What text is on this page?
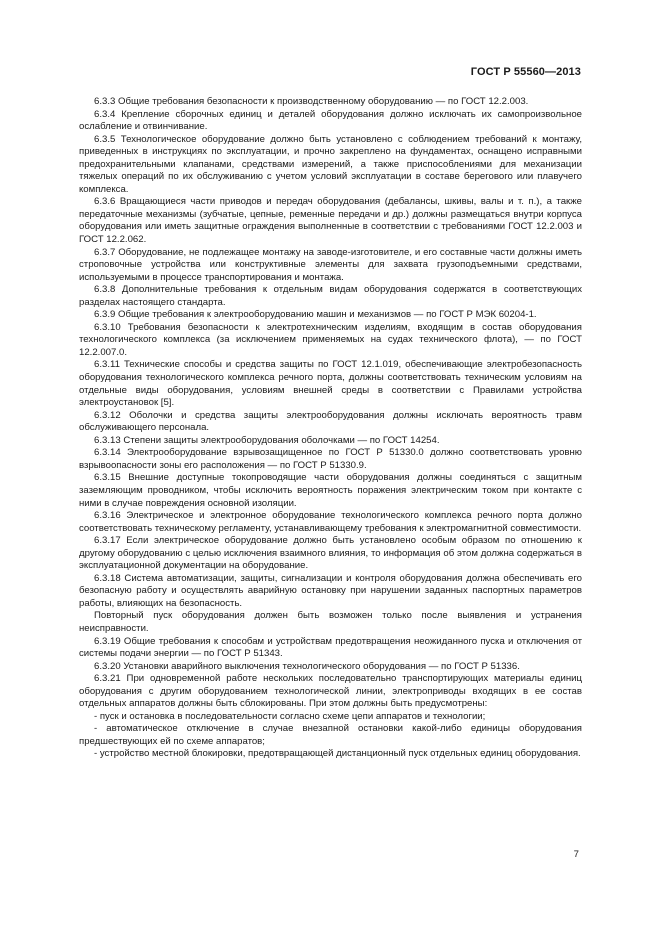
ГОСТ Р 55560—2013

6.3.3 Общие требования безопасности к производственному оборудованию — по ГОСТ 12.2.003.

6.3.4 Крепление сборочных единиц и деталей оборудования должно исключать их самопроизвольное ослабление и отвинчивание.

6.3.5 Технологическое оборудование должно быть установлено с соблюдением требований к монтажу, приведенных в инструкциях по эксплуатации, и прочно закреплено на фундаментах, оснащено исправными предохранительными клапанами, средствами измерений, а также приспособлениями для механизации тяжелых операций по их обслуживанию с учетом условий эксплуатации в составе берегового или плавучего комплекса.

6.3.6 Вращающиеся части приводов и передач оборудования (дебалансы, шкивы, валы и т. п.), а также передаточные механизмы (зубчатые, цепные, ременные передачи и др.) должны размещаться внутри корпуса оборудования или иметь защитные ограждения выполненные в соответствии с требованиями ГОСТ 12.2.003 и ГОСТ 12.2.062.

6.3.7 Оборудование, не подлежащее монтажу на заводе-изготовителе, и его составные части должны иметь строповочные устройства или конструктивные элементы для захвата грузоподъемными средствами, используемыми в процессе транспортирования и монтажа.

6.3.8 Дополнительные требования к отдельным видам оборудования содержатся в соответствующих разделах настоящего стандарта.

6.3.9 Общие требования к электрооборудованию машин и механизмов — по ГОСТ Р МЭК 60204-1.

6.3.10 Требования безопасности к электротехническим изделиям, входящим в состав оборудования технологического комплекса (за исключением применяемых на судах технического флота), — по ГОСТ 12.2.007.0.

6.3.11 Технические способы и средства защиты по ГОСТ 12.1.019, обеспечивающие электробезопасность оборудования технологического комплекса речного порта, должны соответствовать техническим условиям на отдельные виды оборудования, условиям внешней среды в соответствии с Правилами устройства электроустановок [5].

6.3.12 Оболочки и средства защиты электрооборудования должны исключать вероятность травм обслуживающего персонала.

6.3.13 Степени защиты электрооборудования оболочками — по ГОСТ 14254.

6.3.14 Электрооборудование взрывозащищенное по ГОСТ Р 51330.0 должно соответствовать уровню взрывоопасности зоны его расположения — по ГОСТ Р 51330.9.

6.3.15 Внешние доступные токопроводящие части оборудования должны соединяться с защитным заземляющим проводником, чтобы исключить вероятность поражения электрическим током при контакте с ними в случае повреждения основной изоляции.

6.3.16 Электрическое и электронное оборудование технологического комплекса речного порта должно соответствовать техническому регламенту, устанавливающему требования к электромагнитной совместимости.

6.3.17 Если электрическое оборудование должно быть установлено особым образом по отношению к другому оборудованию с целью исключения взаимного влияния, то информация об этом должна содержаться в эксплуатационной документации на оборудование.

6.3.18 Система автоматизации, защиты, сигнализации и контроля оборудования должна обеспечивать его безопасную работу и осуществлять аварийную остановку при нарушении заданных паспортных параметров работы, влияющих на безопасность.

Повторный пуск оборудования должен быть возможен только после выявления и устранения неисправности.

6.3.19 Общие требования к способам и устройствам предотвращения неожиданного пуска и отключения от системы подачи энергии — по ГОСТ Р 51343.

6.3.20 Установки аварийного выключения технологического оборудования — по ГОСТ Р 51336.

6.3.21 При одновременной работе нескольких последовательно транспортирующих материалы единиц оборудования с другим оборудованием технологической линии, электроприводы входящих в ее состав отдельных аппаратов должны быть сблокированы. При этом должны быть предусмотрены:

- пуск и остановка в последовательности согласно схеме цепи аппаратов и технологии;

- автоматическое отключение в случае внезапной остановки какой-либо единицы оборудования предшествующих ей по схеме аппаратов;

- устройство местной блокировки, предотвращающей дистанционный пуск отдельных единиц оборудования.

7
